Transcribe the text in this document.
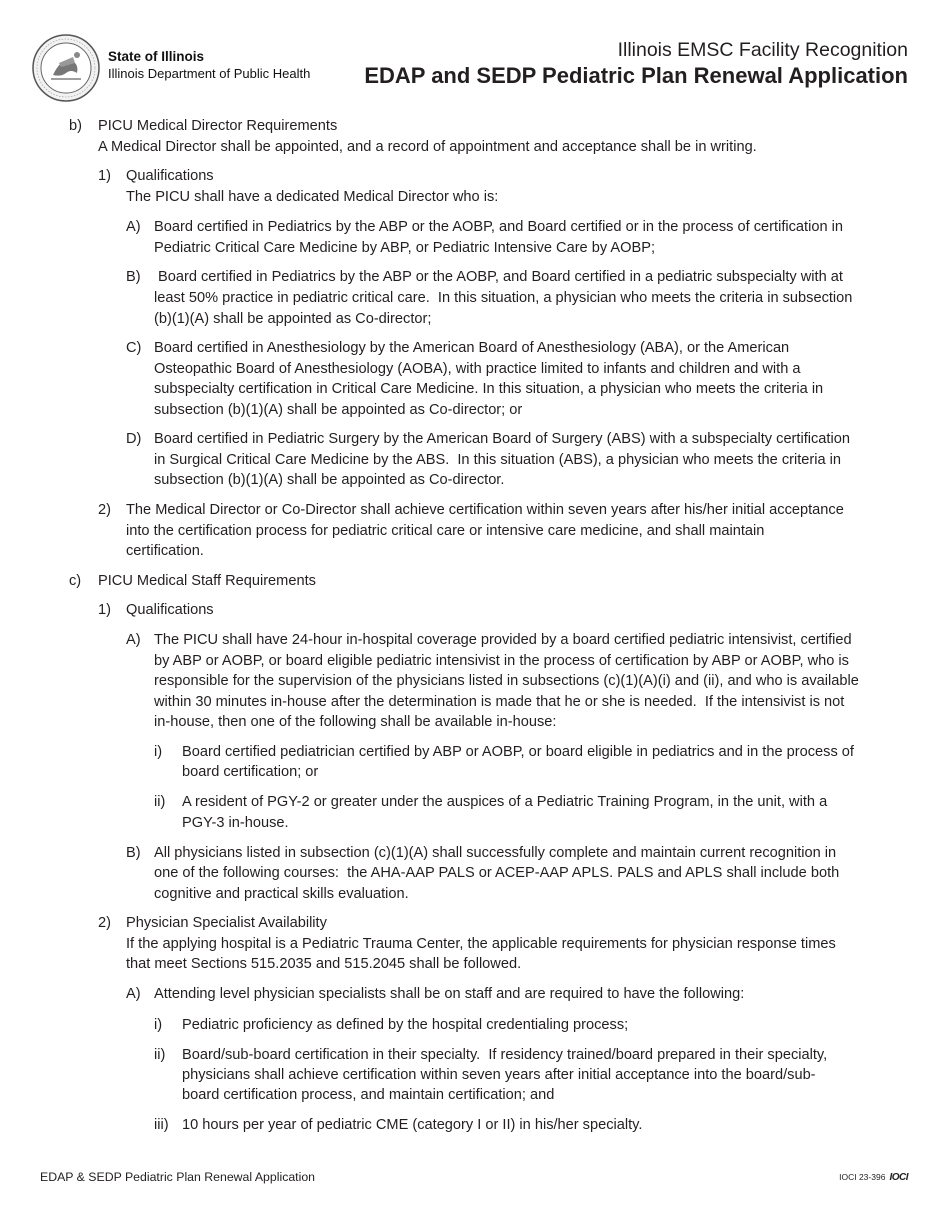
State of Illinois
Illinois Department of Public Health
Illinois EMSC Facility Recognition
EDAP and SEDP Pediatric Plan Renewal Application
b) PICU Medical Director Requirements
A Medical Director shall be appointed, and a record of appointment and acceptance shall be in writing.
1) Qualifications
The PICU shall have a dedicated Medical Director who is:
A) Board certified in Pediatrics by the ABP or the AOBP, and Board certified or in the process of certification in
Pediatric Critical Care Medicine by ABP, or Pediatric Intensive Care by AOBP;
B) Board certified in Pediatrics by the ABP or the AOBP, and Board certified in a pediatric subspecialty with at
least 50% practice in pediatric critical care.  In this situation, a physician who meets the criteria in subsection
(b)(1)(A) shall be appointed as Co-director;
C) Board certified in Anesthesiology by the American Board of Anesthesiology (ABA), or the American
Osteopathic Board of Anesthesiology (AOBA), with practice limited to infants and children and with a
subspecialty certification in Critical Care Medicine. In this situation, a physician who meets the criteria in
subsection (b)(1)(A) shall be appointed as Co-director; or
D) Board certified in Pediatric Surgery by the American Board of Surgery (ABS) with a subspecialty certification
in Surgical Critical Care Medicine by the ABS.  In this situation (ABS), a physician who meets the criteria in
subsection (b)(1)(A) shall be appointed as Co-director.
2) The Medical Director or Co-Director shall achieve certification within seven years after his/her initial acceptance
into the certification process for pediatric critical care or intensive care medicine, and shall maintain
certification.
c) PICU Medical Staff Requirements
1) Qualifications
A) The PICU shall have 24-hour in-hospital coverage provided by a board certified pediatric intensivist, certified
by ABP or AOBP, or board eligible pediatric intensivist in the process of certification by ABP or AOBP, who is
responsible for the supervision of the physicians listed in subsections (c)(1)(A)(i) and (ii), and who is available
within 30 minutes in-house after the determination is made that he or she is needed.  If the intensivist is not
in-house, then one of the following shall be available in-house:
i) Board certified pediatrician certified by ABP or AOBP, or board eligible in pediatrics and in the process of
board certification; or
ii) A resident of PGY-2 or greater under the auspices of a Pediatric Training Program, in the unit, with a
PGY-3 in-house.
B) All physicians listed in subsection (c)(1)(A) shall successfully complete and maintain current recognition in
one of the following courses:  the AHA-AAP PALS or ACEP-AAP APLS. PALS and APLS shall include both
cognitive and practical skills evaluation.
2) Physician Specialist Availability
If the applying hospital is a Pediatric Trauma Center, the applicable requirements for physician response times
that meet Sections 515.2035 and 515.2045 shall be followed.
A) Attending level physician specialists shall be on staff and are required to have the following:
i) Pediatric proficiency as defined by the hospital credentialing process;
ii) Board/sub-board certification in their specialty.  If residency trained/board prepared in their specialty,
physicians shall achieve certification within seven years after initial acceptance into the board/sub-
board certification process, and maintain certification; and
iii) 10 hours per year of pediatric CME (category I or II) in his/her specialty.
EDAP & SEDP Pediatric Plan Renewal Application	IOCI 23-396 IOCI
